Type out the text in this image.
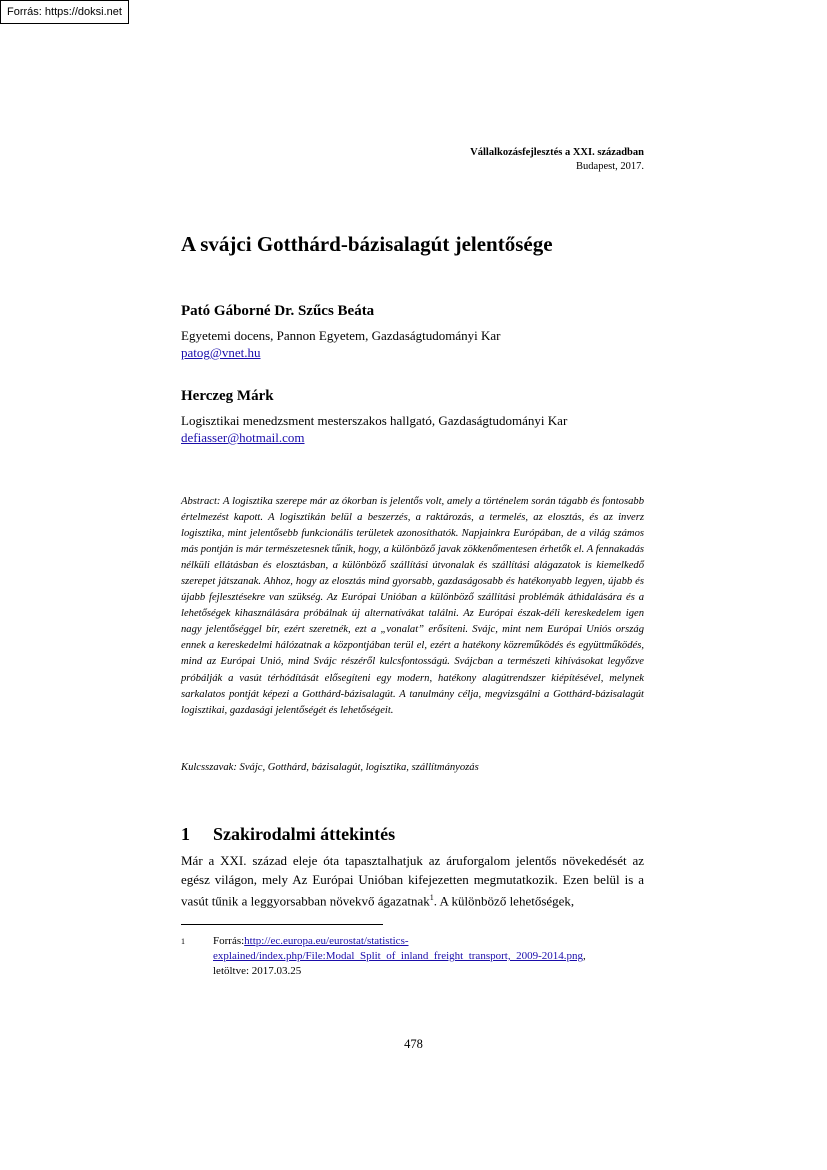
Forrás: https://doksi.net
Vállalkozásfejlesztés a XXI. században
Budapest, 2017.
A svájci Gotthárd-bázisalagút jelentősége
Pató Gáborné Dr. Szűcs Beáta
Egyetemi docens, Pannon Egyetem, Gazdaságtudományi Kar
patog@vnet.hu
Herczeg Márk
Logisztikai menedzsment mesterszakos hallgató, Gazdaságtudományi Kar
defiasser@hotmail.com

Abstract: A logisztika szerepe már az ókorban is jelentős volt, amely a történelem során tágabb és fontosabb értelmezést kapott. A logisztikán belül a beszerzés, a raktározás, a termelés, az elosztás, és az inverz logisztika, mint jelentősebb funkcionális területek azonosíthatók. Napjainkra Európában, de a világ számos más pontján is már természetesnek tűnik, hogy, a különböző javak zökkenőmentesen érhetők el. A fennakadás nélküli ellátásban és elosztásban, a különböző szállítási útvonalak és szállítási alágazatok is kiemelkedő szerepet játszanak. Ahhoz, hogy az elosztás mind gyorsabb, gazdaságosabb és hatékonyabb legyen, újabb és újabb fejlesztésekre van szükség. Az Európai Unióban a különböző szállítási problémák áthidalására és a lehetőségek kihasználására próbálnak új alternatívákat találni. Az Európai észak-déli kereskedelem igen nagy jelentőséggel bír, ezért szeretnék, ezt a „vonalat” erősíteni. Svájc, mint nem Európai Uniós ország ennek a kereskedelmi hálózatnak a központjában terül el, ezért a hatékony közreműködés és együttműködés, mind az Európai Unió, mind Svájc részéről kulcsfontosságú. Svájcban a természeti kihívásokat legyőzve próbálják a vasút térhódítását elősegíteni egy modern, hatékony alagútrendszer kiépítésével, melynek sarkalatos pontját képezi a Gotthárd-bázisalagút. A tanulmány célja, megvizsgálni a Gotthárd-bázisalagút logisztikai, gazdasági jelentőségét és lehetőségeit.

Kulcsszavak: Svájc, Gotthárd, bázisalagút, logisztika, szállítmányozás

1 Szakirodalmi áttekintés

Már a XXI. század eleje óta tapasztalhatjuk az áruforgalom jelentős növekedését az egész világon, mely Az Európai Unióban kifejezetten megmutatkozik. Ezen belül is a vasút tűnik a leggyorsabban növekvő ágazatnak$^1$. A különböző lehetőségek,

1	Forrás:http://ec.europa.eu/eurostat/statistics-explained/index.php/File:Modal_Split_of_inland_freight_transport,_2009-2014.png,
letöltve: 2017.03.25
478
